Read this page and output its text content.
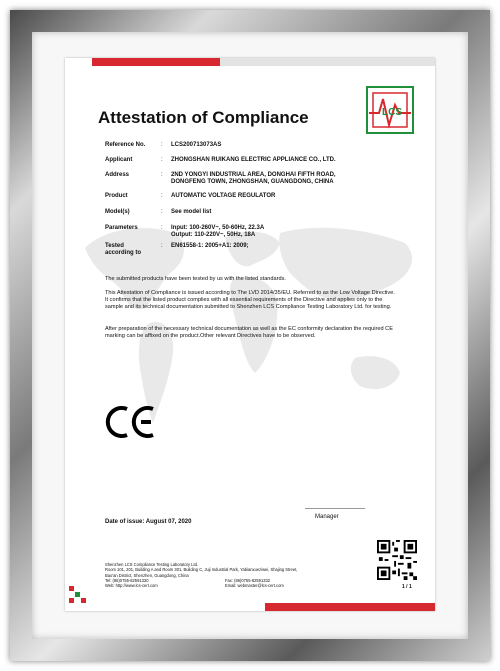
Attestation of Compliance	LCS
Reference No.	: LCS200713073AS
Applicant	: ZHONGSHAN RUIKANG ELECTRIC APPLIANCE CO., LTD.
Address	: 2ND YONGYI INDUSTRIAL AREA, DONGHAI FIFTH ROAD,
DONGFENG TOWN, ZHONGSHAN, GUANGDONG, CHINA
Product	: AUTOMATIC VOLTAGE REGULATOR
Model(s)	: See model list
Parameters	: Input: 100-260V~, 50-60Hz, 22.3A
Output: 110-220V~, 50Hz, 18A
Tested
according to
: EN61558-1: 2005+A1: 2009;
The submitted products have been tested by us with the listed standards.
This Attestation of Compliance is issued according to The LVD 2014/35/EU. Referred to as the Low Voltage Directive. It confirms that the listed product complies with all essential requirements of the Directive and applies only to the sample and its technical documentation submitted to Shenzhen LCS Compliance Testing Laboratory Ltd. for testing.
After preparation of the necessary technical documentation as well as the EC conformity declaration the required CE marking can be affixed on the product.Other relevant Directives have to be observed.
Date of issue: August 07, 2020
Manager
Shenzhen LCS Compliance Testing Laboratory Ltd.
Room 101, 201, Building A and Room 301, Building C, Juji Industrial Park, Yabianxueziwei, Shajing Street,
Bao'an District, Shenzhen, Guangdong, China
Tel: (86)0755-82591330	Fax: (86)0755-82591332
Web: http://www.lcs-cert.com	Email: webmaster@lcs-cert.com	1 / 1
